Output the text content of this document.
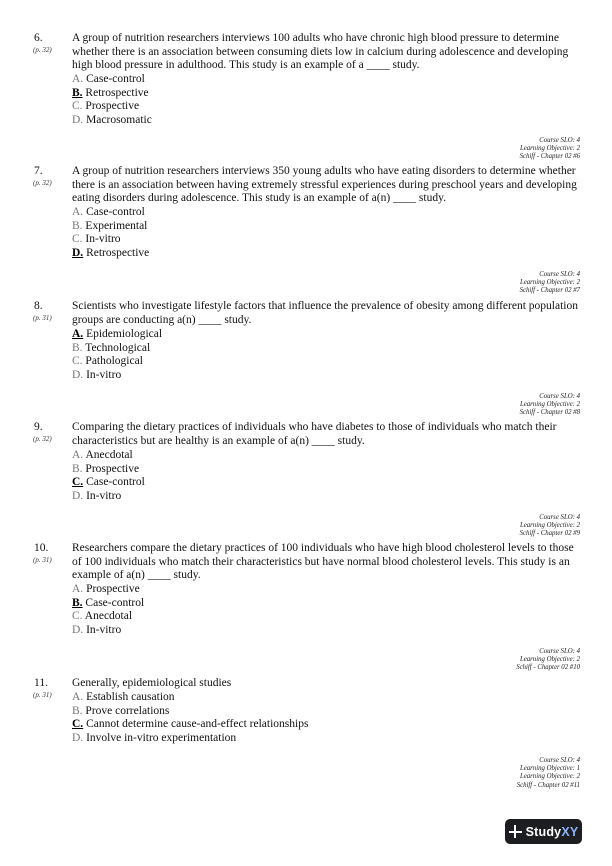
6.
(p. 32)
A group of nutrition researchers interviews 100 adults who have chronic high blood pressure to determine whether there is an association between consuming diets low in calcium during adolescence and developing high blood pressure in adulthood. This study is an example of a ____ study.
A. Case-control
B. Retrospective
C. Prospective
D. Macrosomatic
Course SLO: 4
Learning Objective: 2
Schiff - Chapter 02 #6
7.
(p. 32)
A group of nutrition researchers interviews 350 young adults who have eating disorders to determine whether there is an association between having extremely stressful experiences during preschool years and developing eating disorders during adolescence. This study is an example of a(n) ____ study.
A. Case-control
B. Experimental
C. In-vitro
D. Retrospective
Course SLO: 4
Learning Objective: 2
Schiff - Chapter 02 #7
8.
(p. 31)
Scientists who investigate lifestyle factors that influence the prevalence of obesity among different population groups are conducting a(n) ____ study.
A. Epidemiological
B. Technological
C. Pathological
D. In-vitro
Course SLO: 4
Learning Objective: 2
Schiff - Chapter 02 #8
9.
(p. 32)
Comparing the dietary practices of individuals who have diabetes to those of individuals who match their characteristics but are healthy is an example of a(n) ____ study.
A. Anecdotal
B. Prospective
C. Case-control
D. In-vitro
Course SLO: 4
Learning Objective: 2
Schiff - Chapter 02 #9
10.
(p. 31)
Researchers compare the dietary practices of 100 individuals who have high blood cholesterol levels to those of 100 individuals who match their characteristics but have normal blood cholesterol levels. This study is an example of a(n) ____ study.
A. Prospective
B. Case-control
C. Anecdotal
D. In-vitro
Course SLO: 4
Learning Objective: 2
Schiff - Chapter 02 #10
11.
(p. 31)
Generally, epidemiological studies
A. Establish causation
B. Prove correlations
C. Cannot determine cause-and-effect relationships
D. Involve in-vitro experimentation
Course SLO: 4
Learning Objective: 1
Learning Objective: 2
Schiff - Chapter 02 #11
StudyXY
